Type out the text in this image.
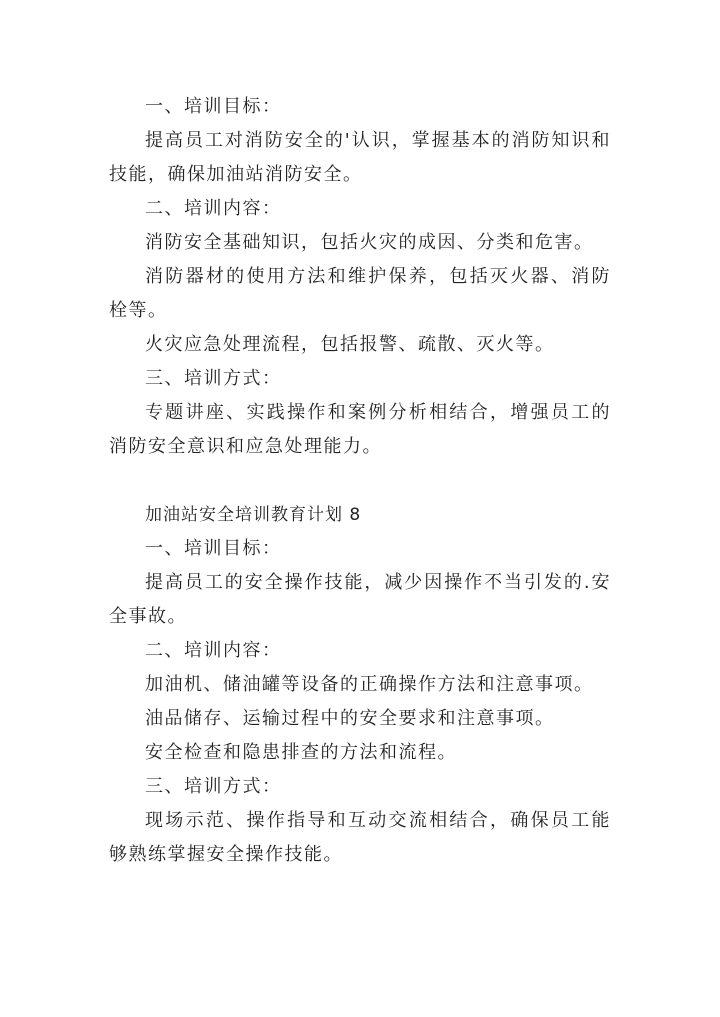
一、培训目标：

提高员工对消防安全的'认识，掌握基本的消防知识和技能，确保加油站消防安全。

二、培训内容：

消防安全基础知识，包括火灾的成因、分类和危害。

消防器材的使用方法和维护保养，包括灭火器、消防栓等。

火灾应急处理流程，包括报警、疏散、灭火等。

三、培训方式：

专题讲座、实践操作和案例分析相结合，增强员工的消防安全意识和应急处理能力。

加油站安全培训教育计划 8

一、培训目标：

提高员工的安全操作技能，减少因操作不当引发的.安全事故。

二、培训内容：

加油机、储油罐等设备的正确操作方法和注意事项。

油品储存、运输过程中的安全要求和注意事项。

安全检查和隐患排查的方法和流程。

三、培训方式：

现场示范、操作指导和互动交流相结合，确保员工能够熟练掌握安全操作技能。
